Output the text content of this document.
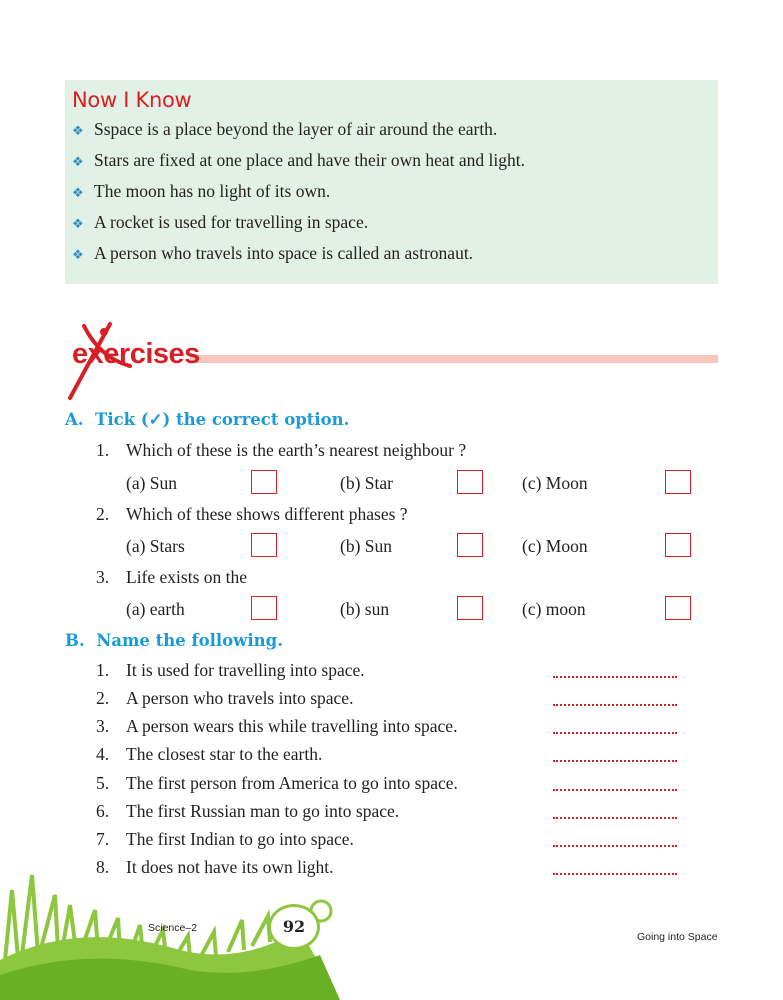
Now I Know
❖ Sspace is a place beyond the layer of air around the earth.
❖ Stars are fixed at one place and have their own heat and light.
❖ The moon has no light of its own.
❖ A rocket is used for travelling in space.
❖ A person who travels into space is called an astronaut.
exercises
A. Tick (✓) the correct option.
1. Which of these is the earth’s nearest neighbour ?
(a) Sun	(b) Star	(c) Moon
2. Which of these shows different phases ?
(a) Stars	(b) Sun	(c) Moon
3. Life exists on the
(a) earth	(b) sun	(c) moon
B. Name the following.
1. It is used for travelling into space.
2. A person who travels into space.
3. A person wears this while travelling into space.
4. The closest star to the earth.
5. The first person from America to go into space.
6. The first Russian man to go into space.
7. The first Indian to go into space.
8. It does not have its own light.
Science–2	92
Going into Space
